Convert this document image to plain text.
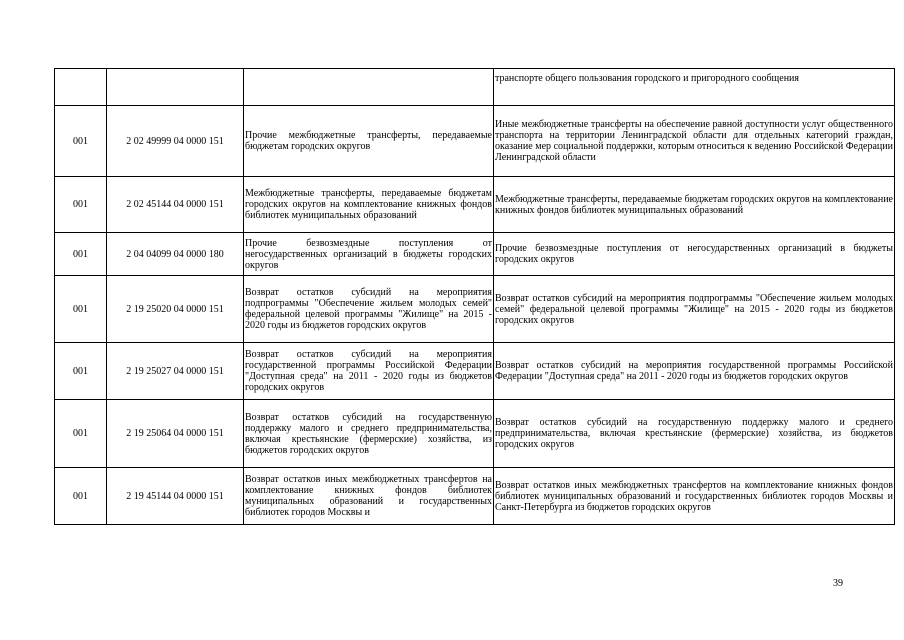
			транспорте общего пользования городского и пригородного сообщения
001	2 02 49999 04 0000 151	Прочие межбюджетные трансферты, передаваемые бюджетам городских округов	Иные межбюджетные трансферты на обеспечение равной доступности услуг общественного транспорта на территории Ленинградской области для отдельных категорий граждан, оказание мер социальной поддержки, которым относиться к ведению Российской Федерации Ленинградской области
001	2 02 45144 04 0000 151	Межбюджетные трансферты, передаваемые бюджетам городских округов на комплектование книжных фондов библиотек муниципальных образований	Межбюджетные трансферты, передаваемые бюджетам городских округов на комплектование книжных фондов библиотек муниципальных образований
001	2 04 04099 04 0000 180	Прочие безвозмездные поступления от негосударственных организаций в бюджеты городских округов	Прочие безвозмездные поступления от негосударственных организаций в бюджеты городских округов
001	2 19 25020 04 0000 151	Возврат остатков субсидий на мероприятия подпрограммы "Обеспечение жильем молодых семей" федеральной целевой программы "Жилище" на 2015 - 2020 годы из бюджетов городских округов	Возврат остатков субсидий на мероприятия подпрограммы "Обеспечение жильем молодых семей" федеральной целевой программы "Жилище" на 2015 - 2020 годы из бюджетов городских округов
001	2 19 25027 04 0000 151	Возврат остатков субсидий на мероприятия государственной программы Российской Федерации "Доступная среда" на 2011 - 2020 годы из бюджетов городских округов	Возврат остатков субсидий на мероприятия государственной программы Российской Федерации "Доступная среда" на 2011 - 2020 годы из бюджетов городских округов
001	2 19 25064 04 0000 151	Возврат остатков субсидий на государственную поддержку малого и среднего предпринимательства, включая крестьянские (фермерские) хозяйства, из бюджетов городских округов	Возврат остатков субсидий на государственную поддержку малого и среднего предпринимательства, включая крестьянские (фермерские) хозяйства, из бюджетов городских округов
001	2 19 45144 04 0000 151	Возврат остатков иных межбюджетных трансфертов на комплектование книжных фондов библиотек муниципальных образований и государственных библиотек городов Москвы и	Возврат остатков иных межбюджетных трансфертов на комплектование книжных фондов библиотек муниципальных образований и государственных библиотек городов Москвы и Санкт-Петербурга из бюджетов городских округов
39
